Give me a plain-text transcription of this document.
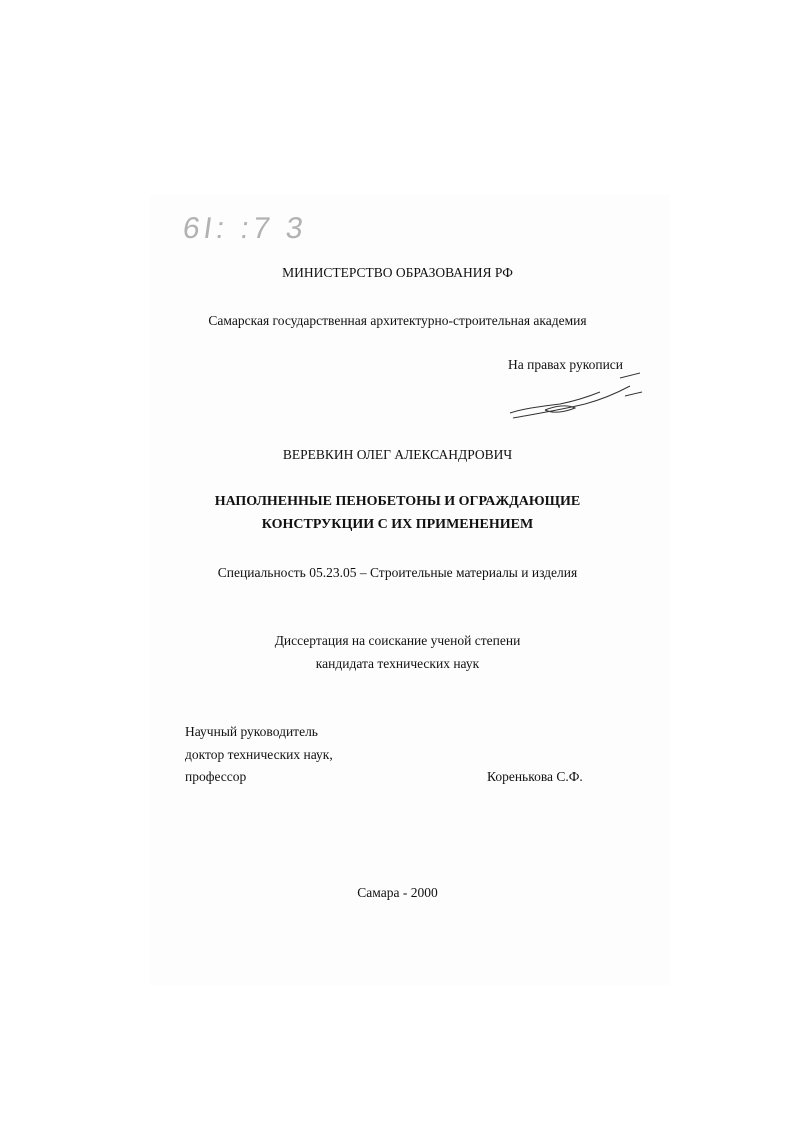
6I: :7 3
МИНИСТЕРСТВО ОБРАЗОВАНИЯ РФ
Самарская государственная архитектурно-строительная академия
На правах рукописи
ВЕРЕВКИН ОЛЕГ АЛЕКСАНДРОВИЧ
НАПОЛНЕННЫЕ ПЕНОБЕТОНЫ И ОГРАЖДАЮЩИЕ
КОНСТРУКЦИИ С ИХ ПРИМЕНЕНИЕМ
Специальность 05.23.05 – Строительные материалы и изделия
Диссертация на соискание ученой степени
кандидата технических наук
Научный руководитель
доктор технических наук,
профессор	Коренькова С.Ф.
Самара - 2000
